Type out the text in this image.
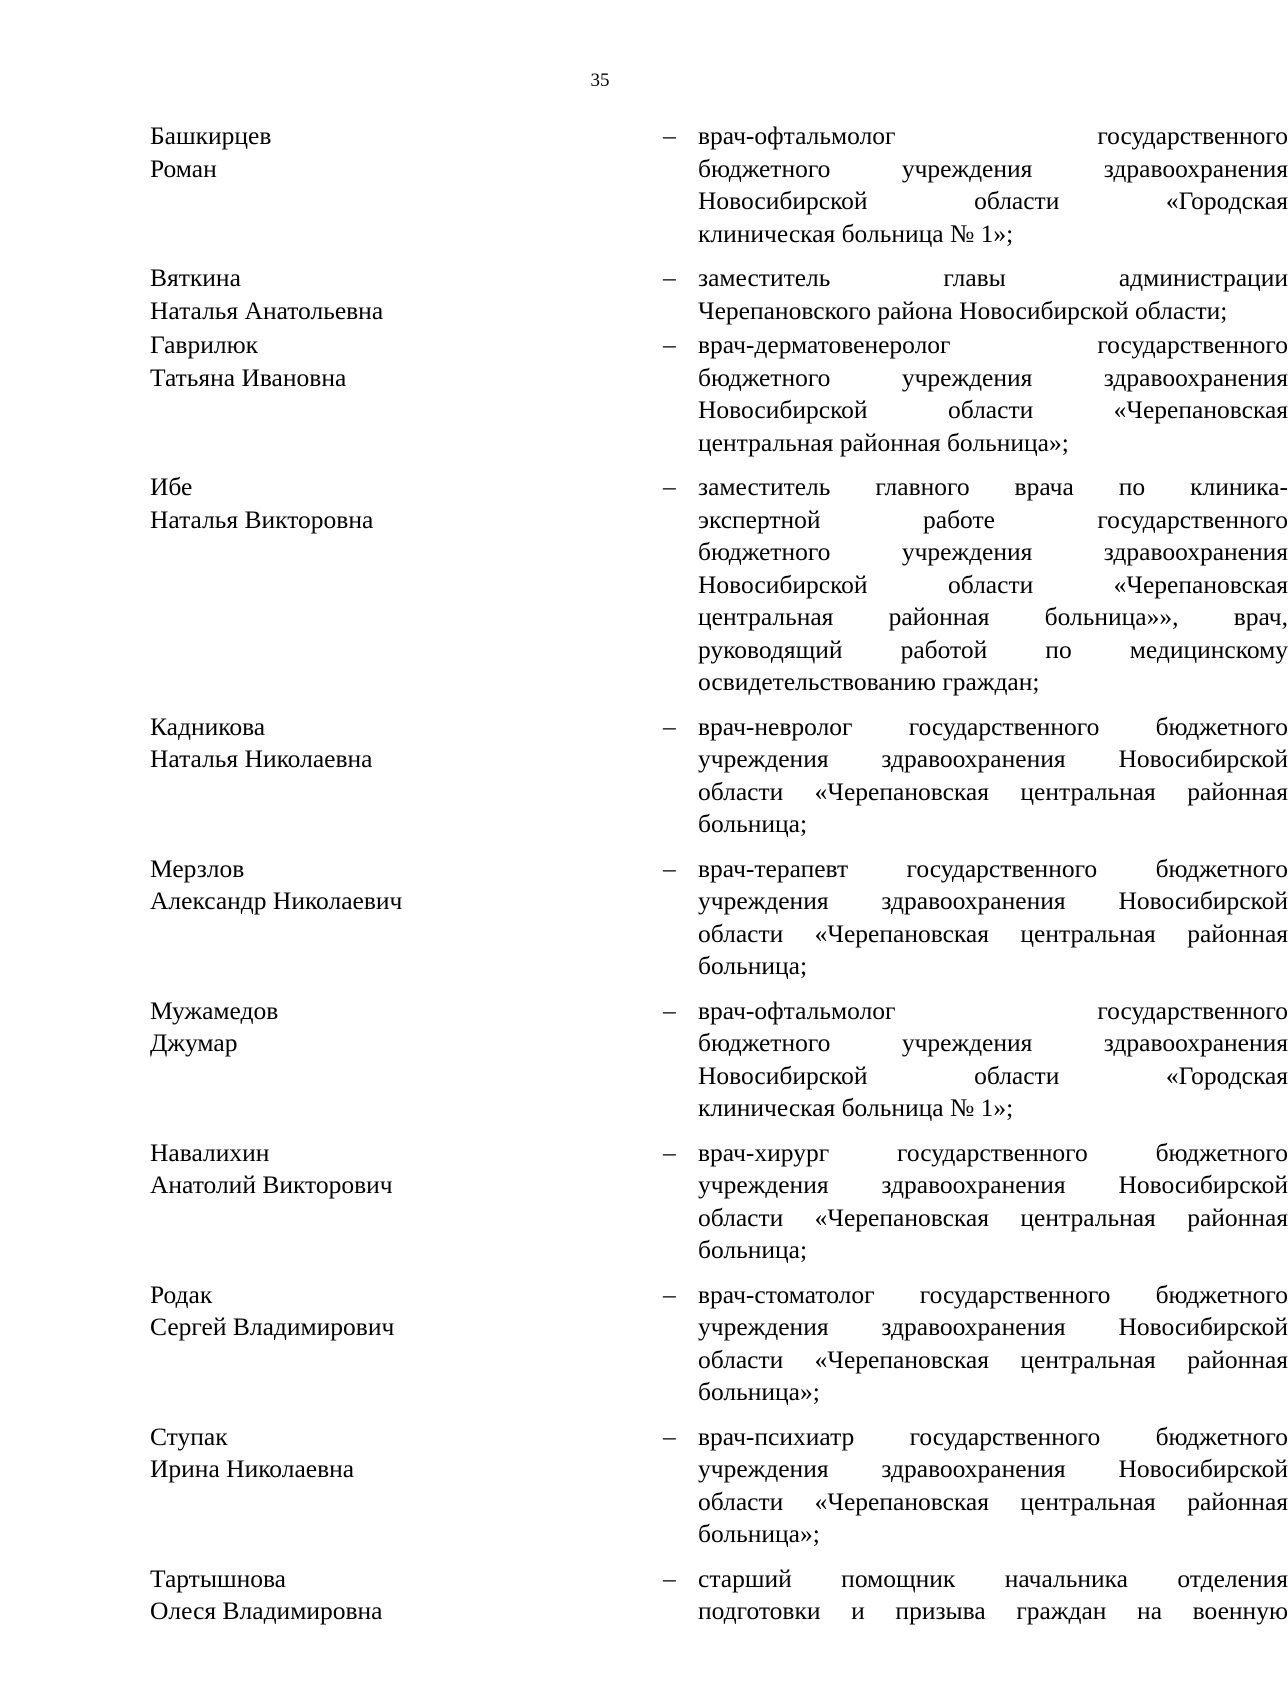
35
Башкирцев
Роман
– врач-офтальмолог государственного
бюджетного учреждения здравоохранения
Новосибирской области «Городская
клиническая больница № 1»;
Вяткина
Наталья Анатольевна
– заместитель главы администрации
Черепановского района Новосибирской области;
Гаврилюк
Татьяна Ивановна
– врач-дерматовенеролог государственного
бюджетного учреждения здравоохранения
Новосибирской области «Черепановская
центральная районная больница»;
Ибе
Наталья Викторовна
– заместитель главного врача по клиника-
экспертной работе государственного
бюджетного учреждения здравоохранения
Новосибирской области «Черепановская
центральная районная больница»», врач,
руководящий работой по медицинскому
освидетельствованию граждан;
Кадникова
Наталья Николаевна
– врач-невролог государственного бюджетного
учреждения здравоохранения Новосибирской
области «Черепановская центральная районная
больница;
Мерзлов
Александр Николаевич
– врач-терапевт государственного бюджетного
учреждения здравоохранения Новосибирской
области «Черепановская центральная районная
больница;
Мужамедов
Джумар
– врач-офтальмолог государственного
бюджетного учреждения здравоохранения
Новосибирской области «Городская
клиническая больница № 1»;
Навалихин
Анатолий Викторович
– врач-хирург государственного бюджетного
учреждения здравоохранения Новосибирской
области «Черепановская центральная районная
больница;
Родак
Сергей Владимирович
– врач-стоматолог государственного бюджетного
учреждения здравоохранения Новосибирской
области «Черепановская центральная районная
больница»;
Ступак
Ирина Николаевна
– врач-психиатр государственного бюджетного
учреждения здравоохранения Новосибирской
области «Черепановская центральная районная
больница»;
Тартышнова
Олеся Владимировна
– старший помощник начальника отделения
подготовки и призыва граждан на военную
